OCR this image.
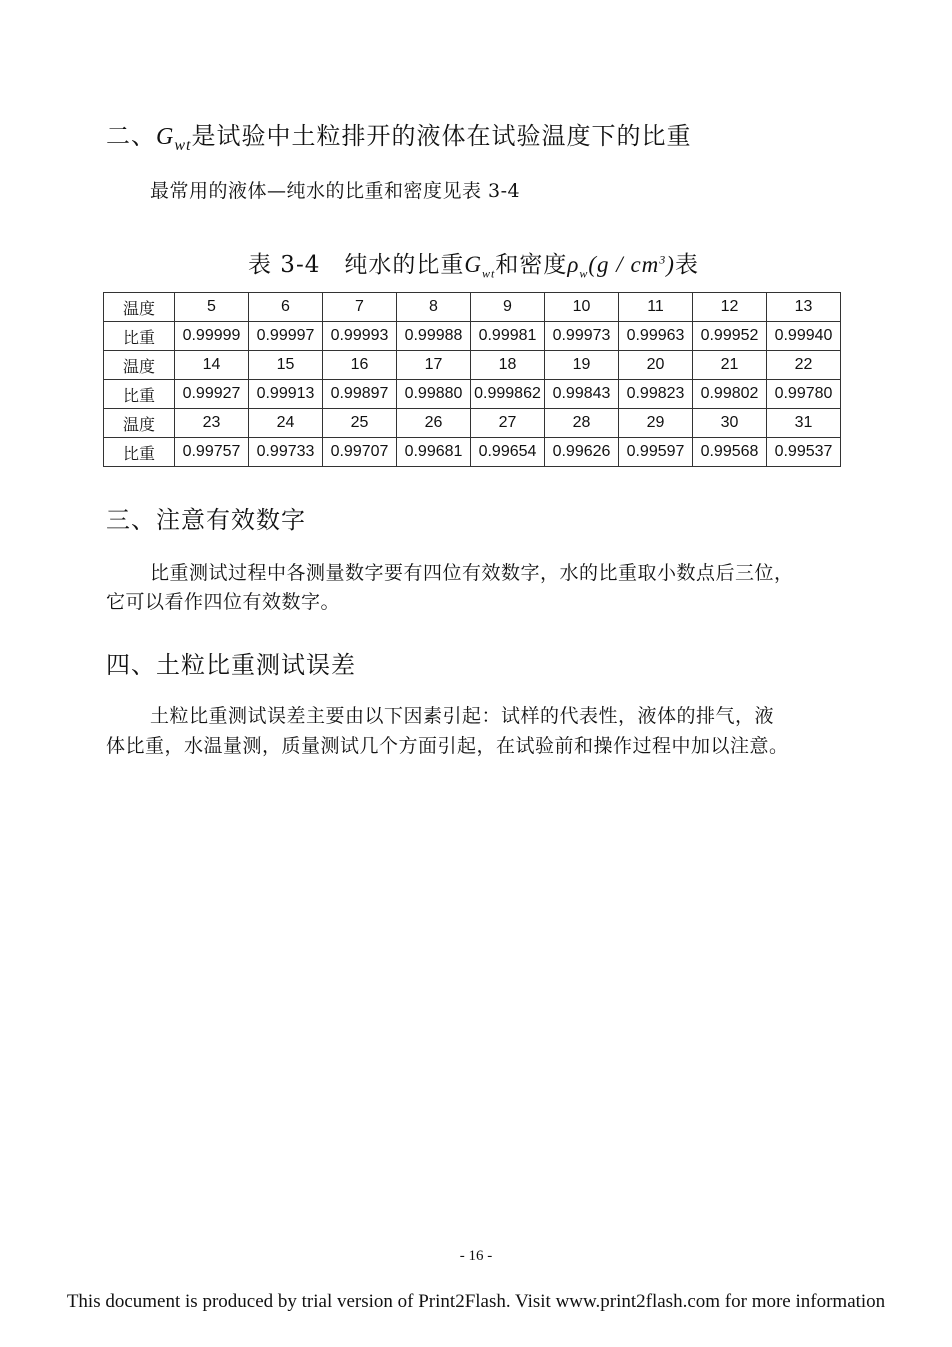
二、$G_{wt}$是试验中土粒排开的液体在试验温度下的比重
最常用的液体—纯水的比重和密度见表 3-4
表 3-4　纯水的比重$G_{wt}$和密度$\rho_w(g / cm^3)$表
温度	5	6	7	8	9	10	11	12	13
比重	0.99999	0.99997	0.99993	0.99988	0.99981	0.99973	0.99963	0.99952	0.99940
温度	14	15	16	17	18	19	20	21	22
比重	0.99927	0.99913	0.99897	0.99880	0.999862	0.99843	0.99823	0.99802	0.99780
温度	23	24	25	26	27	28	29	30	31
比重	0.99757	0.99733	0.99707	0.99681	0.99654	0.99626	0.99597	0.99568	0.99537
三、注意有效数字
比重测试过程中各测量数字要有四位有效数字，水的比重取小数点后三位，
它可以看作四位有效数字。
四、土粒比重测试误差
土粒比重测试误差主要由以下因素引起：试样的代表性，液体的排气，液
体比重，水温量测，质量测试几个方面引起，在试验前和操作过程中加以注意。
- 16 -
This document is produced by trial version of Print2Flash. Visit www.print2flash.com for more information
